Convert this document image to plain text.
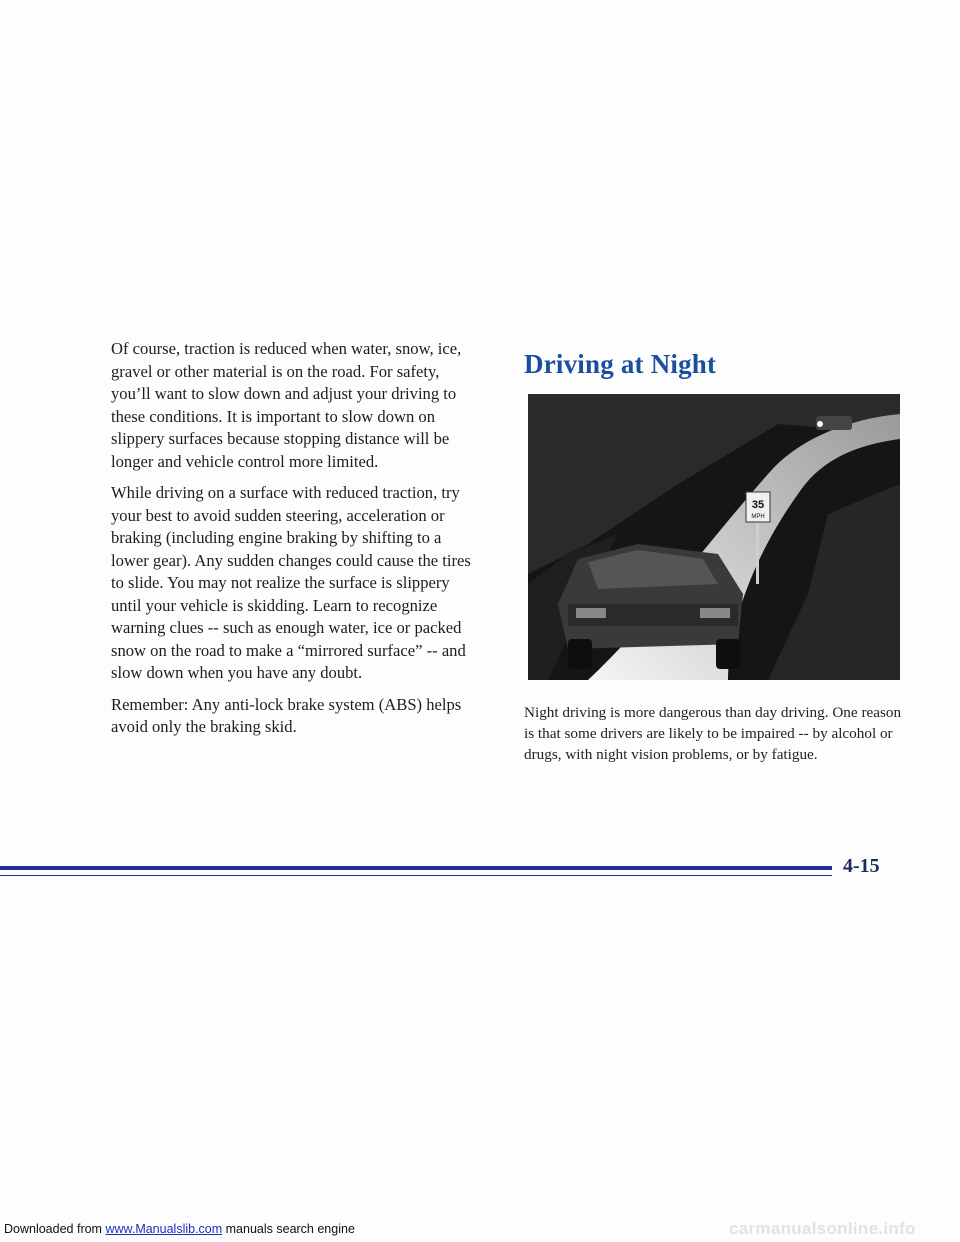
Of course, traction is reduced when water, snow, ice, gravel or other material is on the road. For safety, you’ll want to slow down and adjust your driving to these conditions. It is important to slow down on slippery surfaces because stopping distance will be longer and vehicle control more limited.

While driving on a surface with reduced traction, try your best to avoid sudden steering, acceleration or braking (including engine braking by shifting to a lower gear). Any sudden changes could cause the tires to slide. You may not realize the surface is slippery until your vehicle is skidding. Learn to recognize warning clues -- such as enough water, ice or packed snow on the road to make a “mirrored surface” -- and slow down when you have any doubt.

Remember: Any anti-lock brake system (ABS) helps avoid only the braking skid.

Driving at Night
35
MPH

Night driving is more dangerous than day driving. One reason is that some drivers are likely to be impaired -- by alcohol or drugs, with night vision problems, or by fatigue.

4-15

Downloaded from www.Manualslib.com manuals search engine	carmanualsonline.info
